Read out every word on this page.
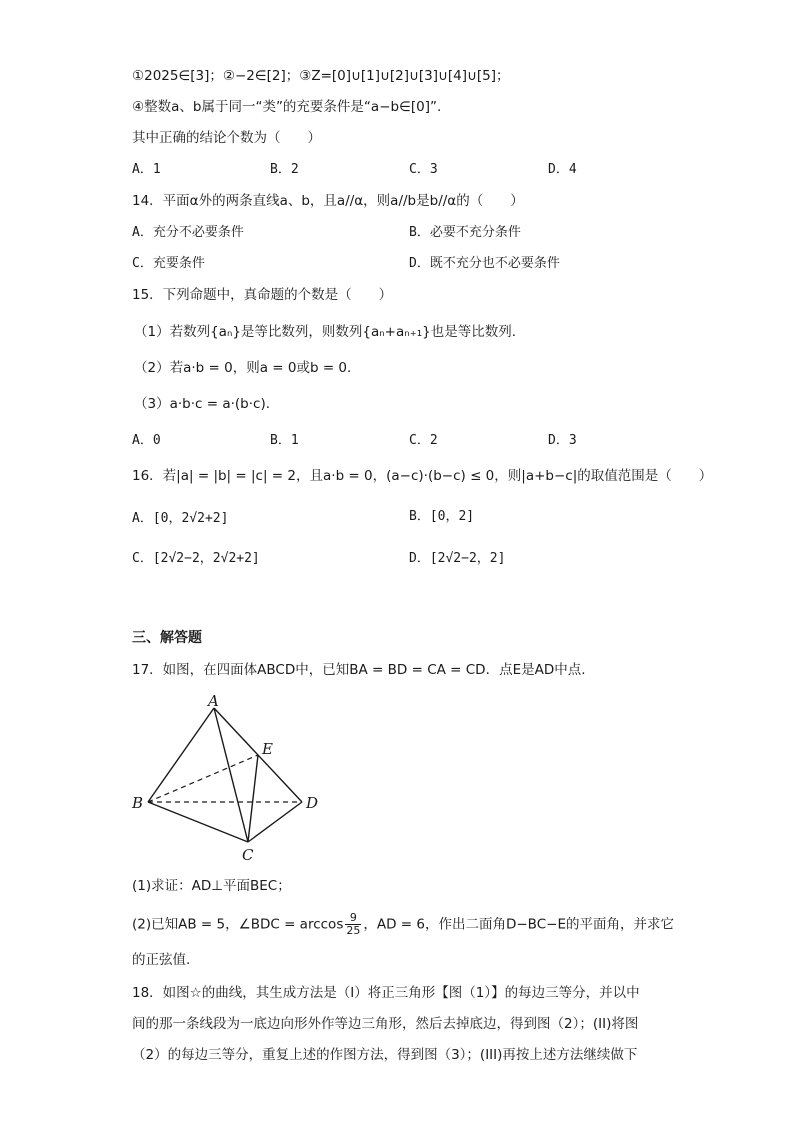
①2025∈[3]；②−2∈[2]；③Z=[0]∪[1]∪[2]∪[3]∪[4]∪[5]；
④整数a、b属于同一“类”的充要条件是“a−b∈[0]”.
其中正确的结论个数为（　　）
A．1	B．2	C．3	D．4
14．平面α外的两条直线a、b，且a//α，则a//b是b//α的（　　）
A．充分不必要条件	B．必要不充分条件
C．充要条件	D．既不充分也不必要条件
15．下列命题中，真命题的个数是（　　）
（1）若数列{aₙ}是等比数列，则数列{aₙ+aₙ₊₁}也是等比数列.
（2）若a·b = 0，则a = 0或b = 0.
（3）a·b·c = a·(b·c).
A．0	B．1	C．2	D．3
16．若|a| = |b| = |c| = 2，且a·b = 0，(a−c)·(b−c) ≤ 0，则|a+b−c|的取值范围是（　　）
A．[0，2√2+2]	B．[0，2]
C．[2√2−2，2√2+2]	D．[2√2−2，2]
三、解答题
17．如图，在四面体ABCD中，已知BA = BD = CA = CD．点E是AD中点.
A
B
C
D
E
(1)求证：AD⊥平面BEC；
(2)已知AB = 5，∠BDC = $\arccos \frac{9}{25}$ ，AD = 6，作出二面角D−BC−E的平面角，并求它
的正弦值.
18．如图☆的曲线，其生成方法是（I）将正三角形【图（1）】的每边三等分，并以中
间的那一条线段为一底边向形外作等边三角形，然后去掉底边，得到图（2）；(II)将图
（2）的每边三等分，重复上述的作图方法，得到图（3）；(III)再按上述方法继续做下
